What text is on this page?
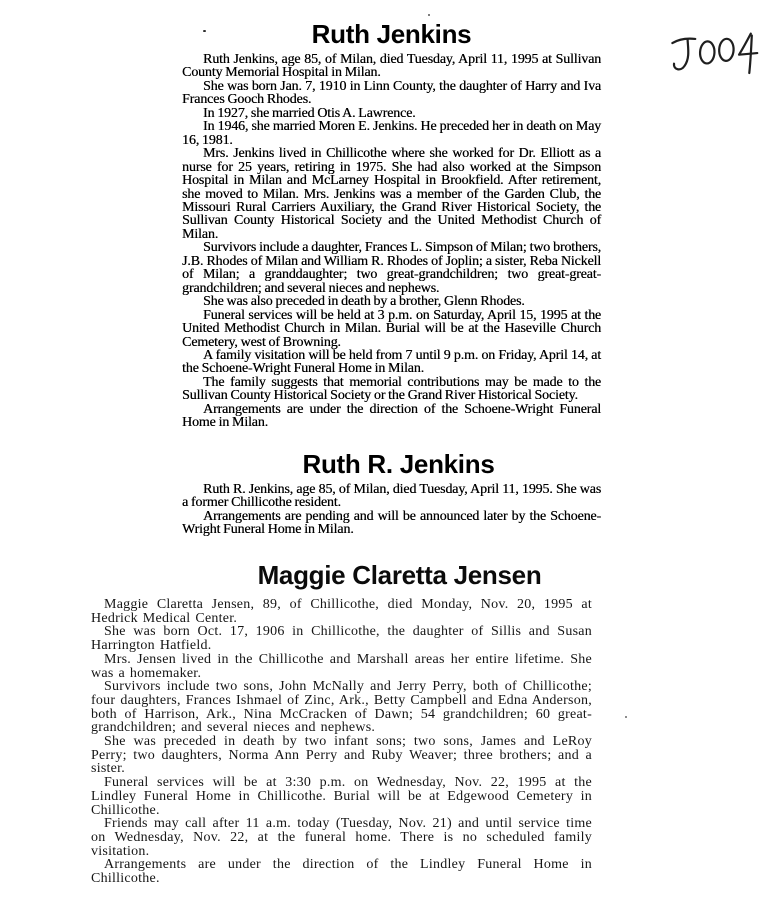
Ruth Jenkins

Ruth Jenkins, age 85, of Milan, died Tuesday, April 11, 1995 at Sullivan County Memorial Hospital in Milan.

She was born Jan. 7, 1910 in Linn County, the daughter of Harry and Iva Frances Gooch Rhodes.

In 1927, she married Otis A. Lawrence.

In 1946, she married Moren E. Jenkins. He preceded her in death on May 16, 1981.

Mrs. Jenkins lived in Chillicothe where she worked for Dr. Elliott as a nurse for 25 years, retiring in 1975. She had also worked at the Simpson Hospital in Milan and McLarney Hospital in Brookfield. After retirement, she moved to Milan. Mrs. Jenkins was a member of the Garden Club, the Missouri Rural Carriers Auxiliary, the Grand River Historical Society, the Sullivan County Historical Society and the United Methodist Church of Milan.

Survivors include a daughter, Frances L. Simpson of Milan; two brothers, J.B. Rhodes of Milan and William R. Rhodes of Joplin; a sister, Reba Nickell of Milan; a granddaughter; two great-grandchildren; two great-great-grandchildren; and several nieces and nephews.

She was also preceded in death by a brother, Glenn Rhodes.

Funeral services will be held at 3 p.m. on Saturday, April 15, 1995 at the United Methodist Church in Milan. Burial will be at the Haseville Church Cemetery, west of Browning.

A family visitation will be held from 7 until 9 p.m. on Friday, April 14, at the Schoene-Wright Funeral Home in Milan.

The family suggests that memorial contributions may be made to the Sullivan County Historical Society or the Grand River Historical Society.

Arrangements are under the direction of the Schoene-Wright Funeral Home in Milan.

Ruth R. Jenkins

Ruth R. Jenkins, age 85, of Milan, died Tuesday, April 11, 1995. She was a former Chillicothe resident.

Arrangements are pending and will be announced later by the Schoene-Wright Funeral Home in Milan.

Maggie Claretta Jensen

Maggie Claretta Jensen, 89, of Chillicothe, died Monday, Nov. 20, 1995 at Hedrick Medical Center.

She was born Oct. 17, 1906 in Chillicothe, the daughter of Sillis and Susan Harrington Hatfield.

Mrs. Jensen lived in the Chillicothe and Marshall areas her entire lifetime. She was a homemaker.

Survivors include two sons, John McNally and Jerry Perry, both of Chillicothe; four daughters, Frances Ishmael of Zinc, Ark., Betty Campbell and Edna Anderson, both of Harrison, Ark., Nina McCracken of Dawn; 54 grandchildren; 60 great-grandchildren; and several nieces and nephews.

She was preceded in death by two infant sons; two sons, James and LeRoy Perry; two daughters, Norma Ann Perry and Ruby Weaver; three brothers; and a sister.

Funeral services will be at 3:30 p.m. on Wednesday, Nov. 22, 1995 at the Lindley Funeral Home in Chillicothe. Burial will be at Edgewood Cemetery in Chillicothe.

Friends may call after 11 a.m. today (Tuesday, Nov. 21) and until service time on Wednesday, Nov. 22, at the funeral home. There is no scheduled family visitation.

Arrangements are under the direction of the Lindley Funeral Home in Chillicothe.
